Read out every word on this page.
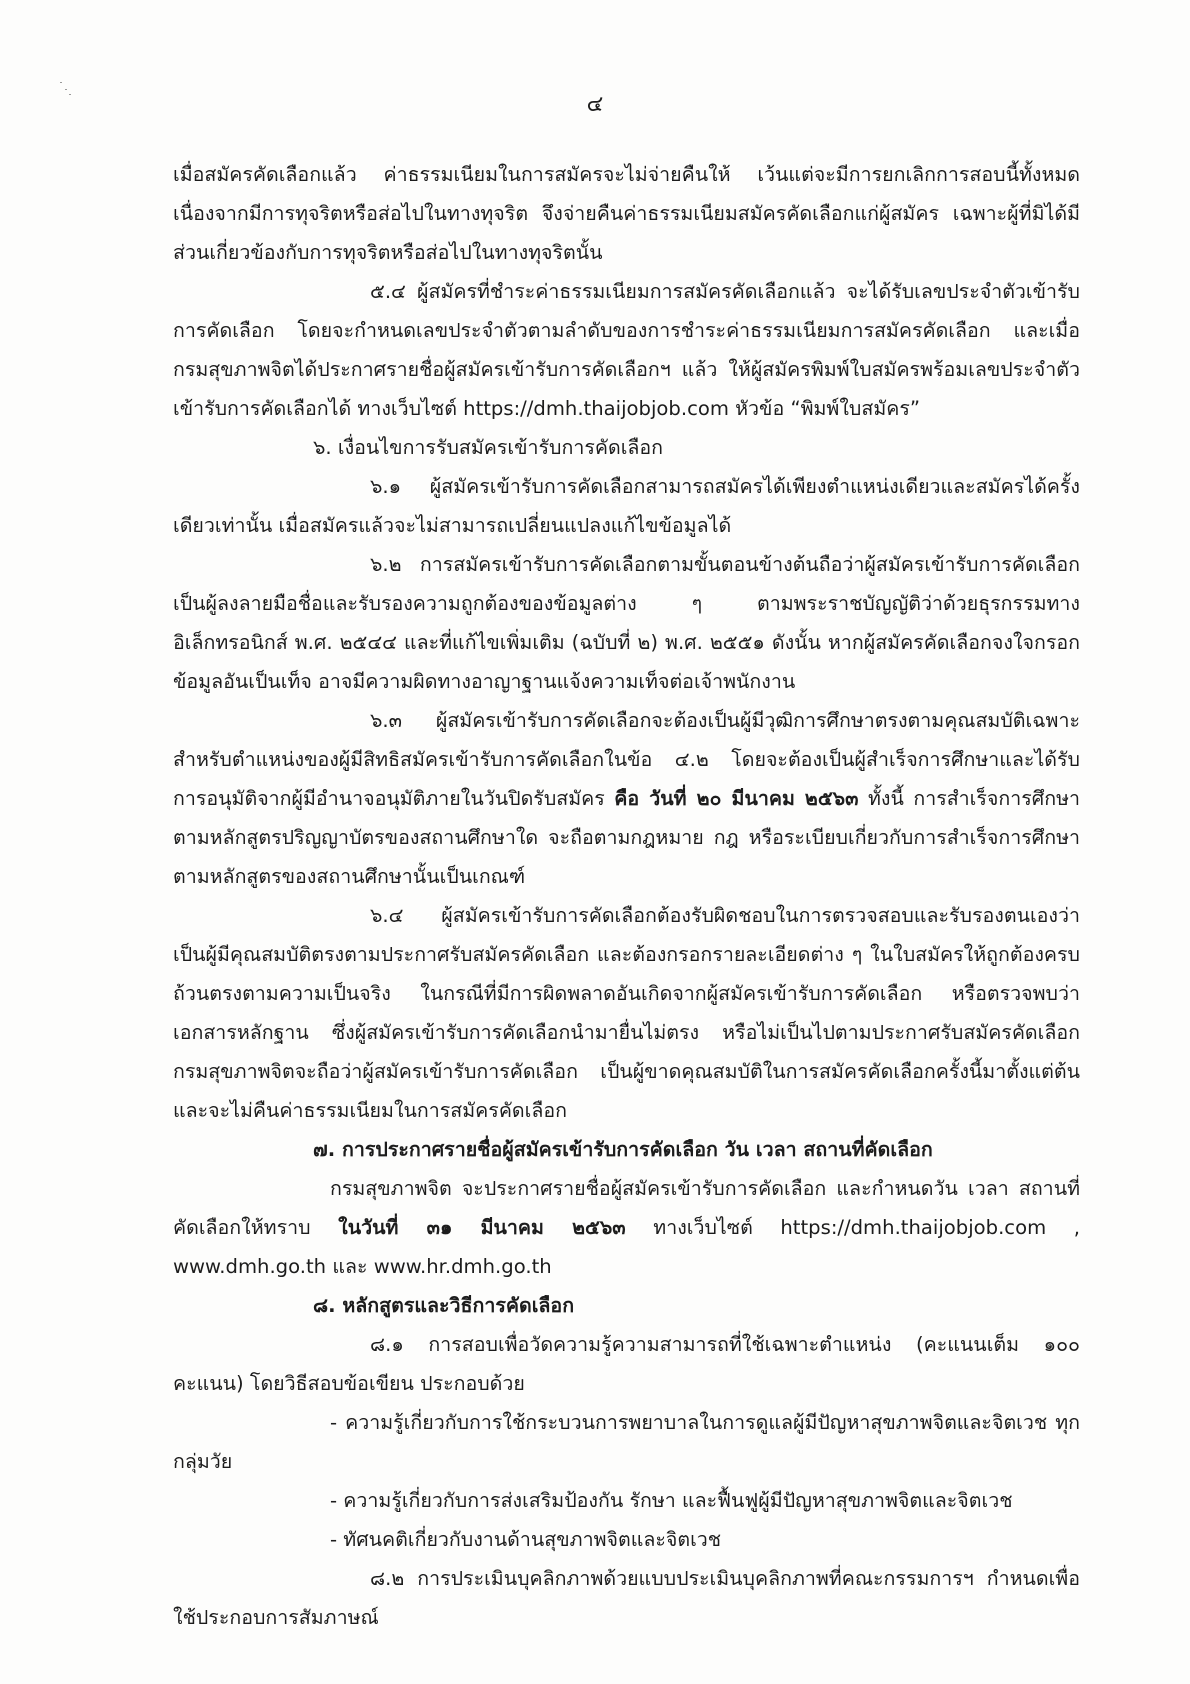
๔

เมื่อสมัครคัดเลือกแล้ว ค่าธรรมเนียมในการสมัครจะไม่จ่ายคืนให้ เว้นแต่จะมีการยกเลิกการสอบนี้ทั้งหมด เนื่องจากมีการทุจริตหรือส่อไปในทางทุจริต จึงจ่ายคืนค่าธรรมเนียมสมัครคัดเลือกแก่ผู้สมัคร เฉพาะผู้ที่มิได้มีส่วนเกี่ยวข้องกับการทุจริตหรือส่อไปในทางทุจริตนั้น

๕.๔ ผู้สมัครที่ชำระค่าธรรมเนียมการสมัครคัดเลือกแล้ว จะได้รับเลขประจำตัวเข้ารับการคัดเลือก โดยจะกำหนดเลขประจำตัวตามลำดับของการชำระค่าธรรมเนียมการสมัครคัดเลือก และเมื่อกรมสุขภาพจิตได้ประกาศรายชื่อผู้สมัครเข้ารับการคัดเลือกฯ แล้ว ให้ผู้สมัครพิมพ์ใบสมัครพร้อมเลขประจำตัวเข้ารับการคัดเลือกได้ ทางเว็บไซต์ https://dmh.thaijobjob.com หัวข้อ “พิมพ์ใบสมัคร”

๖. เงื่อนไขการรับสมัครเข้ารับการคัดเลือก

๖.๑ ผู้สมัครเข้ารับการคัดเลือกสามารถสมัครได้เพียงตำแหน่งเดียวและสมัครได้ครั้งเดียวเท่านั้น เมื่อสมัครแล้วจะไม่สามารถเปลี่ยนแปลงแก้ไขข้อมูลได้

๖.๒ การสมัครเข้ารับการคัดเลือกตามขั้นตอนข้างต้นถือว่าผู้สมัครเข้ารับการคัดเลือกเป็นผู้ลงลายมือชื่อและรับรองความถูกต้องของข้อมูลต่าง ๆ ตามพระราชบัญญัติว่าด้วยธุรกรรมทางอิเล็กทรอนิกส์ พ.ศ. ๒๕๔๔ และที่แก้ไขเพิ่มเติม (ฉบับที่ ๒) พ.ศ. ๒๕๕๑ ดังนั้น หากผู้สมัครคัดเลือกจงใจกรอกข้อมูลอันเป็นเท็จ อาจมีความผิดทางอาญาฐานแจ้งความเท็จต่อเจ้าพนักงาน

๖.๓ ผู้สมัครเข้ารับการคัดเลือกจะต้องเป็นผู้มีวุฒิการศึกษาตรงตามคุณสมบัติเฉพาะสำหรับตำแหน่งของผู้มีสิทธิสมัครเข้ารับการคัดเลือกในข้อ ๔.๒ โดยจะต้องเป็นผู้สำเร็จการศึกษาและได้รับการอนุมัติจากผู้มีอำนาจอนุมัติภายในวันปิดรับสมัคร คือ วันที่ ๒๐ มีนาคม ๒๕๖๓ ทั้งนี้ การสำเร็จการศึกษาตามหลักสูตรปริญญาบัตรของสถานศึกษาใด จะถือตามกฎหมาย กฎ หรือระเบียบเกี่ยวกับการสำเร็จการศึกษาตามหลักสูตรของสถานศึกษานั้นเป็นเกณฑ์

๖.๔ ผู้สมัครเข้ารับการคัดเลือกต้องรับผิดชอบในการตรวจสอบและรับรองตนเองว่าเป็นผู้มีคุณสมบัติตรงตามประกาศรับสมัครคัดเลือก และต้องกรอกรายละเอียดต่าง ๆ ในใบสมัครให้ถูกต้องครบถ้วนตรงตามความเป็นจริง ในกรณีที่มีการผิดพลาดอันเกิดจากผู้สมัครเข้ารับการคัดเลือก หรือตรวจพบว่าเอกสารหลักฐาน ซึ่งผู้สมัครเข้ารับการคัดเลือกนำมายื่นไม่ตรง หรือไม่เป็นไปตามประกาศรับสมัครคัดเลือก กรมสุขภาพจิตจะถือว่าผู้สมัครเข้ารับการคัดเลือก เป็นผู้ขาดคุณสมบัติในการสมัครคัดเลือกครั้งนี้มาตั้งแต่ต้นและจะไม่คืนค่าธรรมเนียมในการสมัครคัดเลือก

๗. การประกาศรายชื่อผู้สมัครเข้ารับการคัดเลือก วัน เวลา สถานที่คัดเลือก

กรมสุขภาพจิต จะประกาศรายชื่อผู้สมัครเข้ารับการคัดเลือก และกำหนดวัน เวลา สถานที่คัดเลือกให้ทราบ ในวันที่ ๓๑ มีนาคม ๒๕๖๓ ทางเว็บไซต์ https://dmh.thaijobjob.com , www.dmh.go.th และ www.hr.dmh.go.th

๘. หลักสูตรและวิธีการคัดเลือก

๘.๑ การสอบเพื่อวัดความรู้ความสามารถที่ใช้เฉพาะตำแหน่ง (คะแนนเต็ม ๑๐๐ คะแนน) โดยวิธีสอบข้อเขียน ประกอบด้วย

- ความรู้เกี่ยวกับการใช้กระบวนการพยาบาลในการดูแลผู้มีปัญหาสุขภาพจิตและจิตเวช ทุกกลุ่มวัย

- ความรู้เกี่ยวกับการส่งเสริมป้องกัน รักษา และฟื้นฟูผู้มีปัญหาสุขภาพจิตและจิตเวช

- ทัศนคติเกี่ยวกับงานด้านสุขภาพจิตและจิตเวช

๘.๒ การประเมินบุคลิกภาพด้วยแบบประเมินบุคลิกภาพที่คณะกรรมการฯ กำหนดเพื่อใช้ประกอบการสัมภาษณ์
